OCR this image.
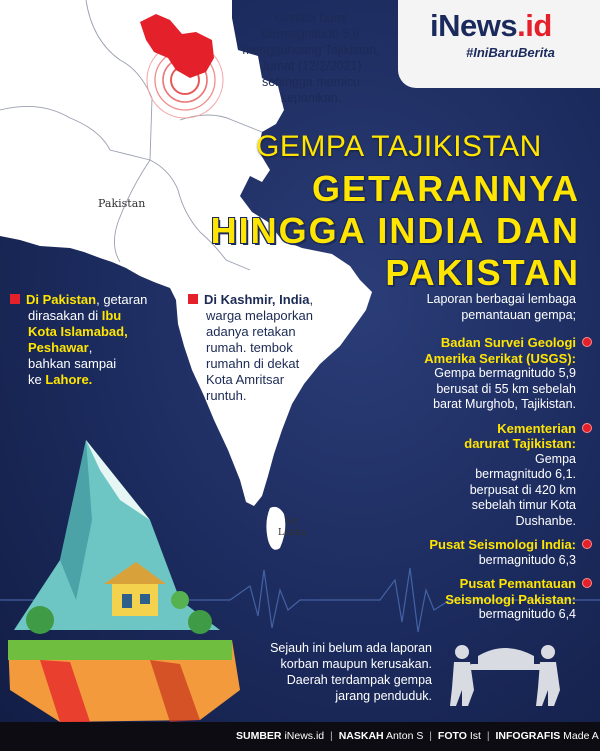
Pakistan
Sri
Lanka
Gempa bumi bermagnitudo 5,9 mengguncang Tajikistan, Jumat (12/2/2021) sehingga memicu kepanikan.
iNews.id
#IniBaruBerita
GEMPA TAJIKISTAN
GETARANNYA
HINGGA INDIA DAN
PAKISTAN
Di Pakistan, getaran
dirasakan di Ibu
Kota Islamabad,
Peshawar,
bahkan sampai
ke Lahore.
Di Kashmir, India,
warga melaporkan
adanya retakan
rumah. tembok
rumahn di dekat
Kota Amritsar
runtuh.
Laporan berbagai lembaga
pemantauan gempa;
Badan Survei Geologi
Amerika Serikat (USGS):
Gempa bermagnitudo 5,9
berusat di 55 km sebelah
barat Murghob, Tajikistan.
Kementerian
darurat Tajikistan:
Gempa
bermagnitudo 6,1.
berpusat di 420 km
sebelah timur Kota
Dushanbe.
Pusat Seismologi India:
bermagnitudo 6,3
Pusat Pemantauan
Seismologi Pakistan:
bermagnitudo 6,4
Sejauh ini belum ada laporan
korban maupun kerusakan.
Daerah terdampak gempa
jarang penduduk.
SUMBER iNews.id | NASKAH Anton S | FOTO Ist | INFOGRAFIS Made A
